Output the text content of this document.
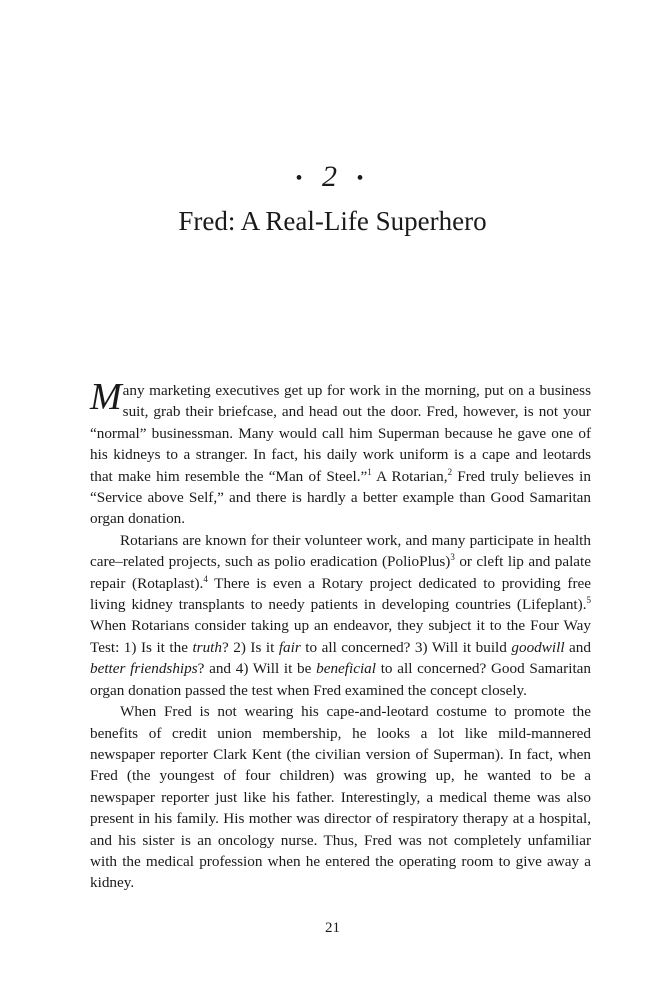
• 2 •
Fred: A Real-Life Superhero

Many marketing executives get up for work in the morning, put on a business suit, grab their briefcase, and head out the door. Fred, however, is not your “normal” businessman. Many would call him Superman because he gave one of his kidneys to a stranger. In fact, his daily work uniform is a cape and leotards that make him resemble the “Man of Steel.”$^1$ A Rotarian,$^2$ Fred truly believes in “Service above Self,” and there is hardly a better example than Good Samaritan organ donation.

Rotarians are known for their volunteer work, and many participate in health care–related projects, such as polio eradication (PolioPlus)$^3$ or cleft lip and palate repair (Rotaplast).$^4$ There is even a Rotary project dedicated to providing free living kidney transplants to needy patients in developing countries (Lifeplant).$^5$ When Rotarians consider taking up an endeavor, they subject it to the Four Way Test: 1) Is it the truth? 2) Is it fair to all concerned? 3) Will it build goodwill and better friendships? and 4) Will it be beneficial to all concerned? Good Samaritan organ donation passed the test when Fred examined the concept closely.

When Fred is not wearing his cape-and-leotard costume to promote the benefits of credit union membership, he looks a lot like mild-mannered newspaper reporter Clark Kent (the civilian version of Superman). In fact, when Fred (the youngest of four children) was growing up, he wanted to be a newspaper reporter just like his father. Interestingly, a medical theme was also present in his family. His mother was director of respiratory therapy at a hospital, and his sister is an oncology nurse. Thus, Fred was not completely unfamiliar with the medical profession when he entered the operating room to give away a kidney.

21
